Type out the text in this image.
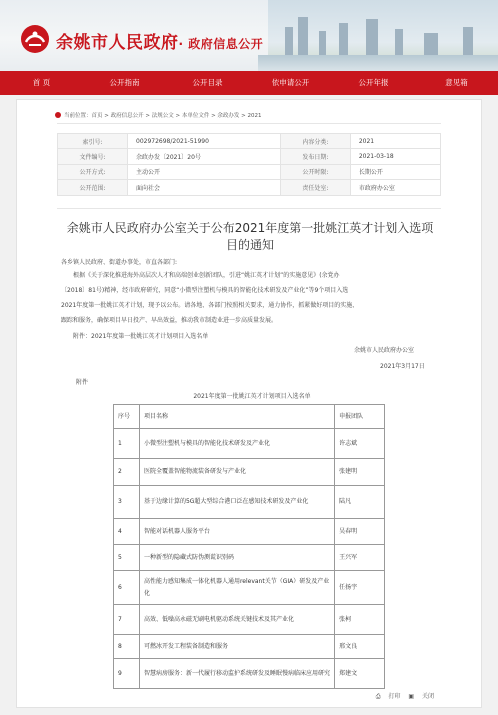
余姚市人民政府· 政府信息公开
首 页	公开指南	公开目录	依申请公开	公开年报	意见箱
当前位置：首页 > 政府信息公开 > 法规公文 > 本单位文件 > 余政办发 > 2021
索引号:	002972698/2021-51990	内容分类:	2021
文件编号:	余政办发〔2021〕20号	发布日期:	2021-03-18
公开方式:	主动公开	公开时限:	长期公开
公开范围:	面向社会	责任处室:	市政府办公室
余姚市人民政府办公室关于公布2021年度第一批姚江英才计划入选项
目的通知
各乡镇人民政府、街道办事处，市直各部门:
根据《关于深化推进海外高层次人才和高端创业创新团队，引进“姚江英才计划”的实施意见》(余党办
〔2018〕81号)精神，经市政府研究，同意“小微型注塑机与模具的智能化技术研发及产业化”等9个项目入选
2021年度第一批姚江英才计划，现予以公布。请各地、各部门按照相关要求，通力协作，抓紧做好项目的实施、
跟踪和服务，确保项目早日投产、早出效益，推动我市制造业进一步高质量发展。
附件：2021年度第一批姚江英才计划项目入选名单
余姚市人民政府办公室
2021年3月17日
附件
2021年度第一批姚江英才计划项目入选名单
序号	项目名称	申报团队
1	小微型注塑机与模具的智能化技术研发及产业化	许志斌
2	医院全覆盖智能物流装备研发与产业化	张建明
3	基于边缘计算的5G超大型综合港口泛在感知技术研发及产业化	陆凡
4	智能对话机器人服务平台	吴春明
5	一种新型的隐藏式防伪测谎识别码	王兴军
6	高性能力感知集成一体化机器人通用relevant关节（GIA）研发及产业化	任扬宇
7	高效、低噪高永磁无刷电机驱动系统关键技术及其产业化	张柯
8	可燃冰开发工程装备制造和服务	邢文良
9	智慧病房服务：新一代履行移动监护系统研发及睡眠慢病临床应用研究	郑建文
⎙ 打印 ▣ 关闭
